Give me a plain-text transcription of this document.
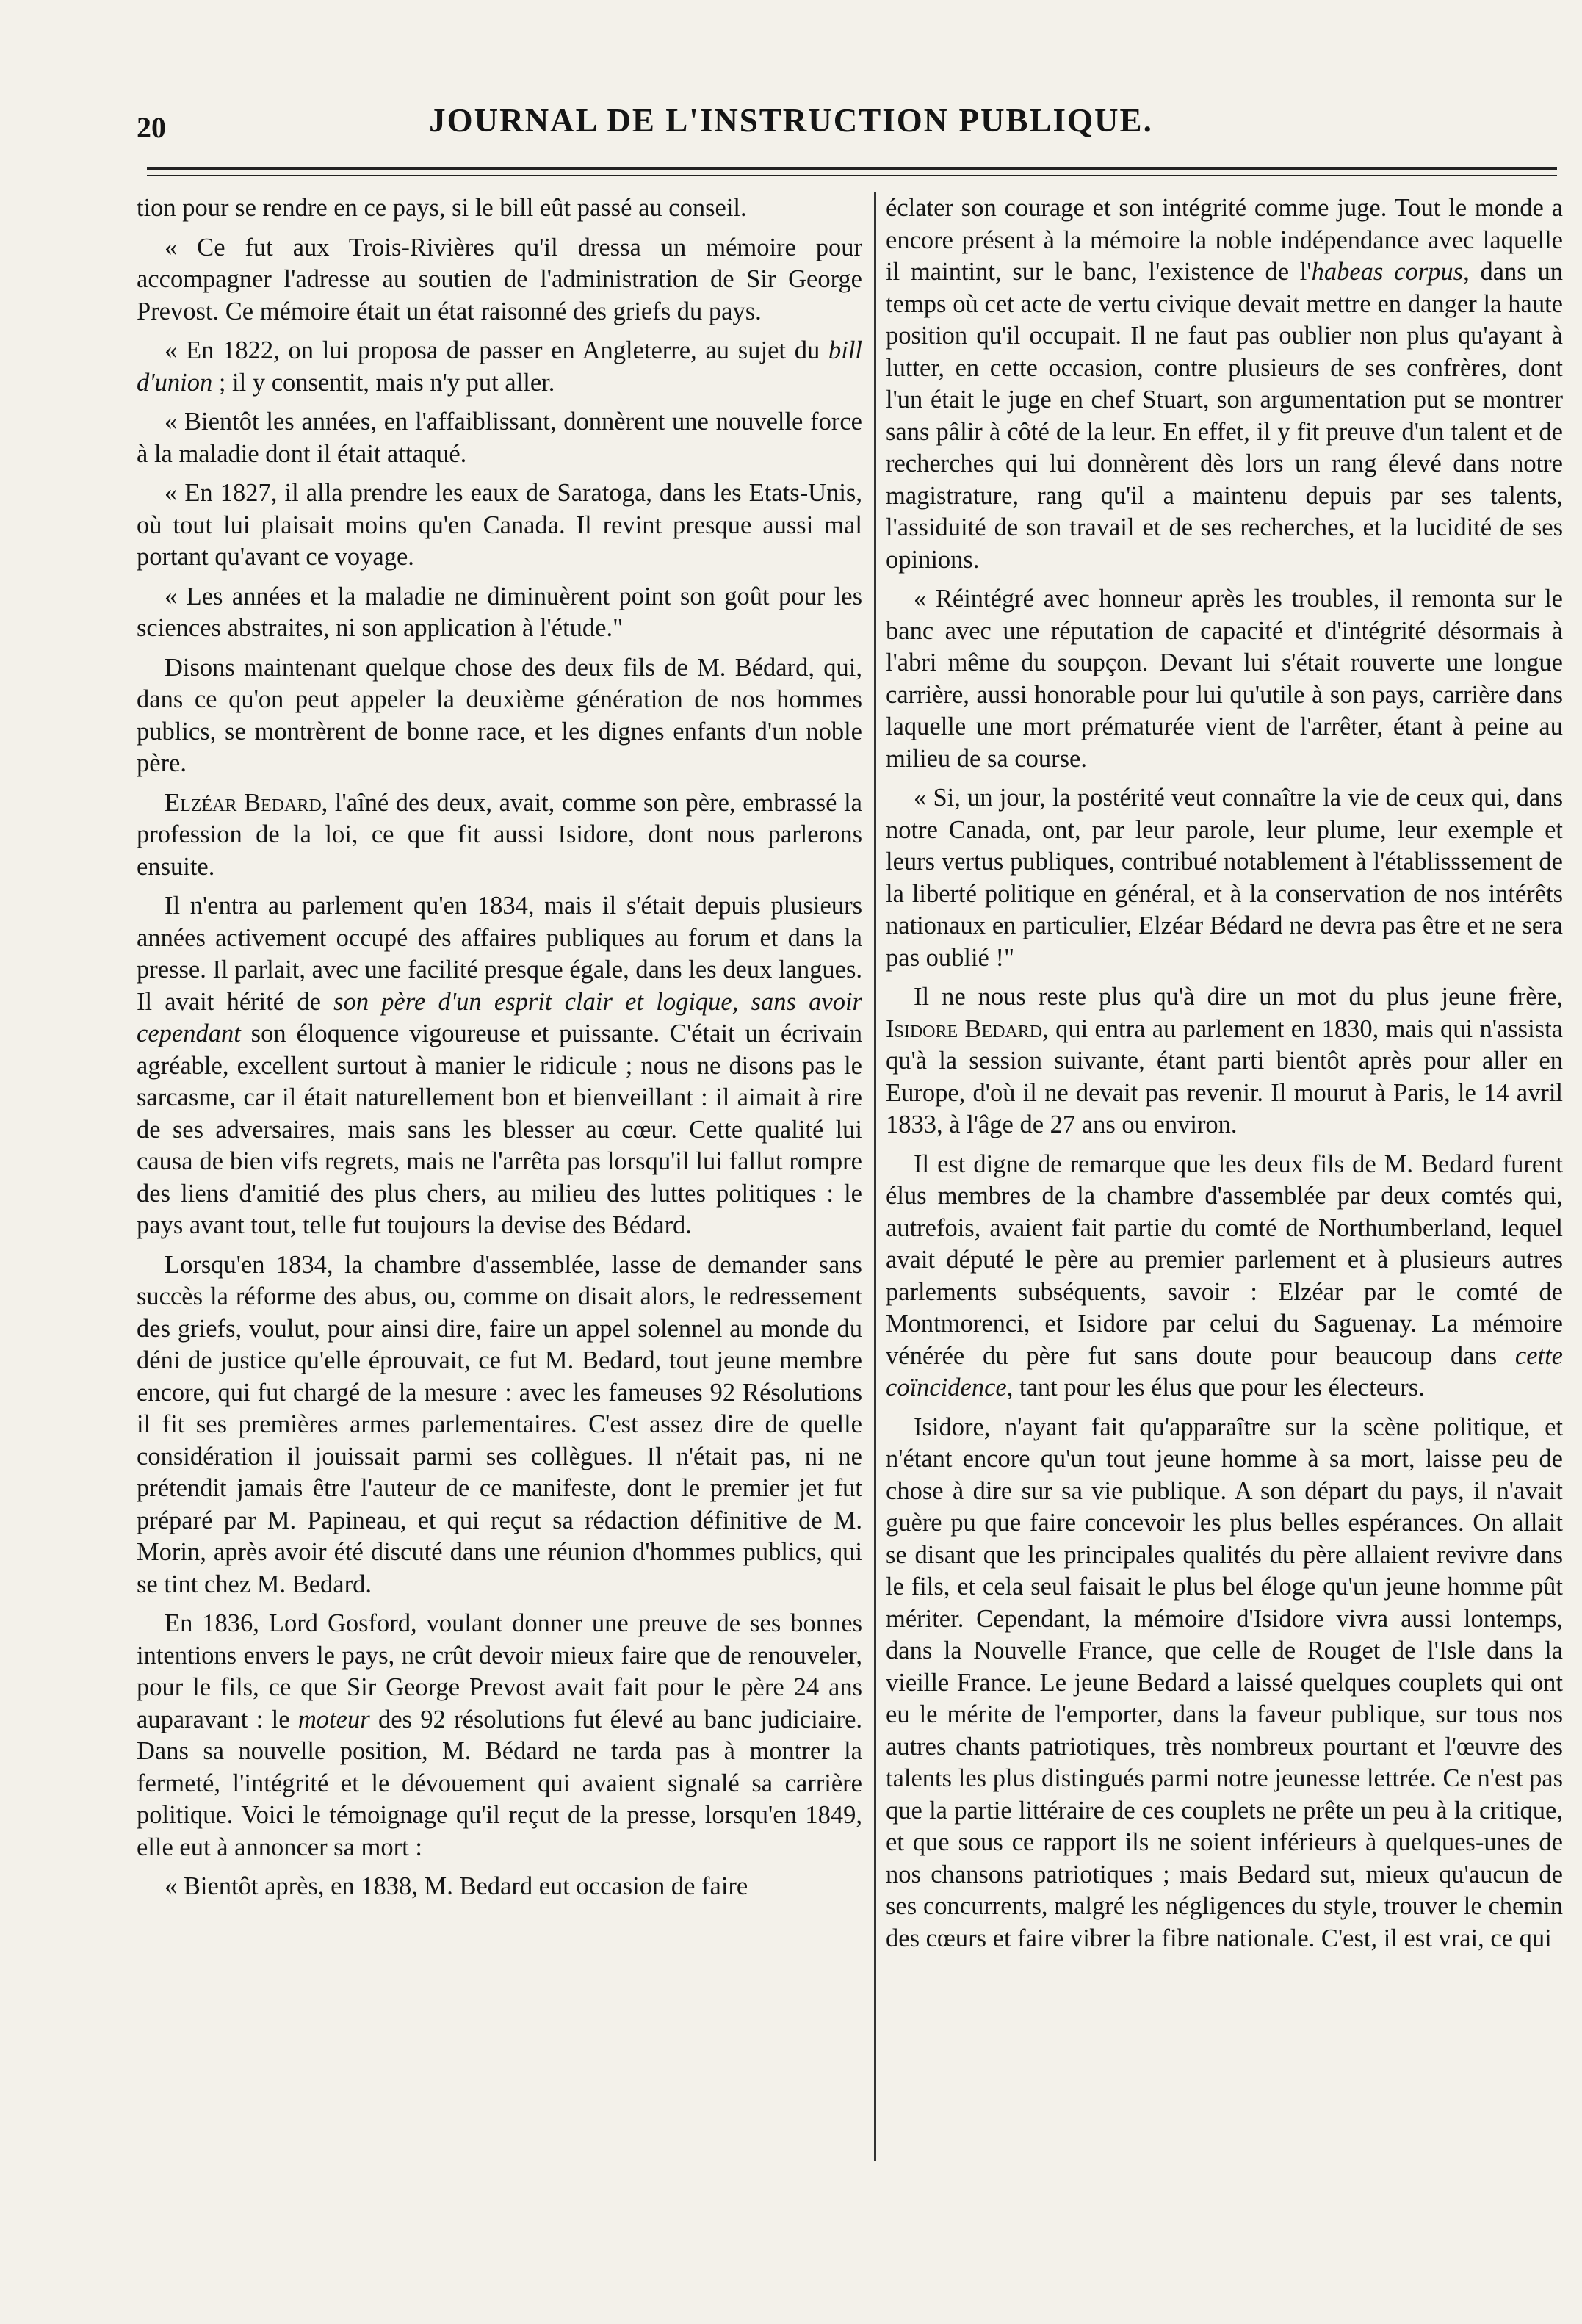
20	JOURNAL DE L'INSTRUCTION PUBLIQUE.

tion pour se rendre en ce pays, si le bill eût passé au conseil.

« Ce fut aux Trois-Rivières qu'il dressa un mémoire pour accompagner l'adresse au soutien de l'administration de Sir George Prevost. Ce mémoire était un état raisonné des griefs du pays.

« En 1822, on lui proposa de passer en Angleterre, au sujet du bill d'union ; il y consentit, mais n'y put aller.

« Bientôt les années, en l'affaiblissant, donnèrent une nouvelle force à la maladie dont il était attaqué.

« En 1827, il alla prendre les eaux de Saratoga, dans les Etats-Unis, où tout lui plaisait moins qu'en Canada. Il revint presque aussi mal portant qu'avant ce voyage.

« Les années et la maladie ne diminuèrent point son goût pour les sciences abstraites, ni son application à l'étude."

Disons maintenant quelque chose des deux fils de M. Bédard, qui, dans ce qu'on peut appeler la deuxième génération de nos hommes publics, se montrèrent de bonne race, et les dignes enfants d'un noble père.

Elzéar Bedard, l'aîné des deux, avait, comme son père, embrassé la profession de la loi, ce que fit aussi Isidore, dont nous parlerons ensuite.

Il n'entra au parlement qu'en 1834, mais il s'était depuis plusieurs années activement occupé des affaires publiques au forum et dans la presse. Il parlait, avec une facilité presque égale, dans les deux langues. Il avait hérité de son père d'un esprit clair et logique, sans avoir cependant son éloquence vigoureuse et puissante. C'était un écrivain agréable, excellent surtout à manier le ridicule ; nous ne disons pas le sarcasme, car il était naturellement bon et bienveillant : il aimait à rire de ses adversaires, mais sans les blesser au cœur. Cette qualité lui causa de bien vifs regrets, mais ne l'arrêta pas lorsqu'il lui fallut rompre des liens d'amitié des plus chers, au milieu des luttes politiques : le pays avant tout, telle fut toujours la devise des Bédard.

Lorsqu'en 1834, la chambre d'assemblée, lasse de demander sans succès la réforme des abus, ou, comme on disait alors, le redressement des griefs, voulut, pour ainsi dire, faire un appel solennel au monde du déni de justice qu'elle éprouvait, ce fut M. Bedard, tout jeune membre encore, qui fut chargé de la mesure : avec les fameuses 92 Résolutions il fit ses premières armes parlementaires. C'est assez dire de quelle considération il jouissait parmi ses collègues. Il n'était pas, ni ne prétendit jamais être l'auteur de ce manifeste, dont le premier jet fut préparé par M. Papineau, et qui reçut sa rédaction définitive de M. Morin, après avoir été discuté dans une réunion d'hommes publics, qui se tint chez M. Bedard.

En 1836, Lord Gosford, voulant donner une preuve de ses bonnes intentions envers le pays, ne crût devoir mieux faire que de renouveler, pour le fils, ce que Sir George Prevost avait fait pour le père 24 ans auparavant : le moteur des 92 résolutions fut élevé au banc judiciaire. Dans sa nouvelle position, M. Bédard ne tarda pas à montrer la fermeté, l'intégrité et le dévouement qui avaient signalé sa carrière politique. Voici le témoignage qu'il reçut de la presse, lorsqu'en 1849, elle eut à annoncer sa mort :

« Bientôt après, en 1838, M. Bedard eut occasion de faire

éclater son courage et son intégrité comme juge. Tout le monde a encore présent à la mémoire la noble indépendance avec laquelle il maintint, sur le banc, l'existence de l'habeas corpus, dans un temps où cet acte de vertu civique devait mettre en danger la haute position qu'il occupait. Il ne faut pas oublier non plus qu'ayant à lutter, en cette occasion, contre plusieurs de ses confrères, dont l'un était le juge en chef Stuart, son argumentation put se montrer sans pâlir à côté de la leur. En effet, il y fit preuve d'un talent et de recherches qui lui donnèrent dès lors un rang élevé dans notre magistrature, rang qu'il a maintenu depuis par ses talents, l'assiduité de son travail et de ses recherches, et la lucidité de ses opinions.

« Réintégré avec honneur après les troubles, il remonta sur le banc avec une réputation de capacité et d'intégrité désormais à l'abri même du soupçon. Devant lui s'était rouverte une longue carrière, aussi honorable pour lui qu'utile à son pays, carrière dans laquelle une mort prématurée vient de l'arrêter, étant à peine au milieu de sa course.

« Si, un jour, la postérité veut connaître la vie de ceux qui, dans notre Canada, ont, par leur parole, leur plume, leur exemple et leurs vertus publiques, contribué notablement à l'établisssement de la liberté politique en général, et à la conservation de nos intérêts nationaux en particulier, Elzéar Bédard ne devra pas être et ne sera pas oublié !"

Il ne nous reste plus qu'à dire un mot du plus jeune frère, Isidore Bedard, qui entra au parlement en 1830, mais qui n'assista qu'à la session suivante, étant parti bientôt après pour aller en Europe, d'où il ne devait pas revenir. Il mourut à Paris, le 14 avril 1833, à l'âge de 27 ans ou environ.

Il est digne de remarque que les deux fils de M. Bedard furent élus membres de la chambre d'assemblée par deux comtés qui, autrefois, avaient fait partie du comté de Northumberland, lequel avait député le père au premier parlement et à plusieurs autres parlements subséquents, savoir : Elzéar par le comté de Montmorenci, et Isidore par celui du Saguenay. La mémoire vénérée du père fut sans doute pour beaucoup dans cette coïncidence, tant pour les élus que pour les électeurs.

Isidore, n'ayant fait qu'apparaître sur la scène politique, et n'étant encore qu'un tout jeune homme à sa mort, laisse peu de chose à dire sur sa vie publique. A son départ du pays, il n'avait guère pu que faire concevoir les plus belles espérances. On allait se disant que les principales qualités du père allaient revivre dans le fils, et cela seul faisait le plus bel éloge qu'un jeune homme pût mériter. Cependant, la mémoire d'Isidore vivra aussi lontemps, dans la Nouvelle France, que celle de Rouget de l'Isle dans la vieille France. Le jeune Bedard a laissé quelques couplets qui ont eu le mérite de l'emporter, dans la faveur publique, sur tous nos autres chants patriotiques, très nombreux pourtant et l'œuvre des talents les plus distingués parmi notre jeunesse lettrée. Ce n'est pas que la partie littéraire de ces couplets ne prête un peu à la critique, et que sous ce rapport ils ne soient inférieurs à quelques-unes de nos chansons patriotiques ; mais Bedard sut, mieux qu'aucun de ses concurrents, malgré les négligences du style, trouver le chemin des cœurs et faire vibrer la fibre nationale. C'est, il est vrai, ce qui
